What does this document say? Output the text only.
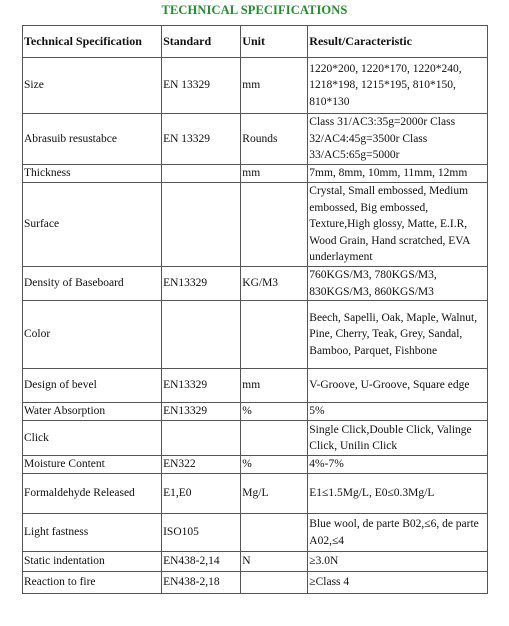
TECHNICAL SPECIFICATIONS
Technical Specification	Standard	Unit	Result/Caracteristic
Size	EN 13329	mm	1220*200, 1220*170, 1220*240, 1218*198, 1215*195, 810*150, 810*130
Abrasuib resustabce	EN 13329	Rounds	Class 31/AC3:35g=2000r Class 32/AC4:45g=3500r Class 33/AC5:65g=5000r
Thickness		mm	7mm, 8mm, 10mm, 11mm, 12mm
Surface			Crystal, Small embossed, Medium embossed, Big embossed, Texture,High glossy, Matte, E.I.R, Wood Grain, Hand scratched, EVA underlayment
Density of Baseboard	EN13329	KG/M3	760KGS/M3, 780KGS/M3, 830KGS/M3, 860KGS/M3
Color			Beech, Sapelli, Oak, Maple, Walnut, Pine, Cherry, Teak, Grey, Sandal, Bamboo, Parquet, Fishbone
Design of bevel	EN13329	mm	V-Groove, U-Groove, Square edge
Water Absorption	EN13329	%	5%
Click			Single Click,Double Click, Valinge Click, Unilin Click
Moisture Content	EN322	%	4%-7%
Formaldehyde Released	E1,E0	Mg/L	E1≤1.5Mg/L, E0≤0.3Mg/L
Light fastness	ISO105		Blue wool, de parte B02,≤6, de parte A02,≤4
Static indentation	EN438-2,14	N	≥3.0N
Reaction to fire	EN438-2,18		≥Class 4
